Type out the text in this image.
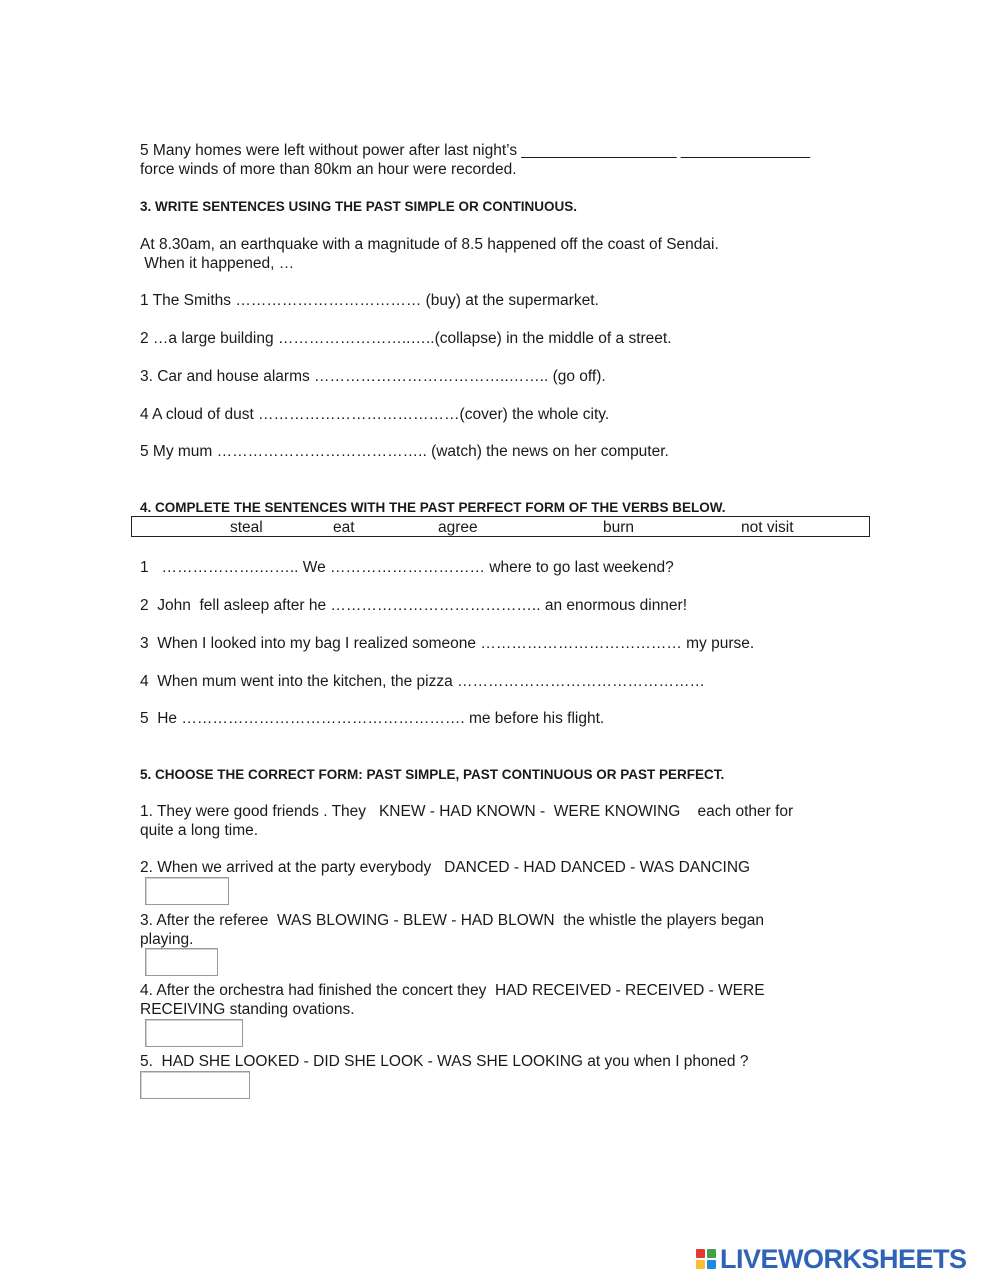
5 Many homes were left without power after last night’s __________________ _______________
force winds of more than 80km an hour were recorded.
3. WRITE SENTENCES USING THE PAST SIMPLE OR CONTINUOUS.
At 8.30am, an earthquake with a magnitude of 8.5 happened off the coast of Sendai.
When it happened, …
1 The Smiths ……………………………… (buy) at the supermarket.
2 …a large building ……………………..…..(collapse) in the middle of a street.
3. Car and house alarms ………………………………..…….. (go off).
4 A cloud of dust …………………………………(cover) the whole city.
5 My mum ………………………………….. (watch) the news on her computer.
4. COMPLETE THE SENTENCES WITH THE PAST PERFECT FORM OF THE VERBS BELOW.
steal	eat	agree	burn	not visit
1   ……………….…….. We ………………………… where to go last weekend?
2  John  fell asleep after he ………………………………….. an enormous dinner!
3  When I looked into my bag I realized someone ………………………………… my purse.
4  When mum went into the kitchen, the pizza …………………………………………
5  He ………………………………………………. me before his flight.
5. CHOOSE THE CORRECT FORM: PAST SIMPLE, PAST CONTINUOUS OR PAST PERFECT.
1. They were good friends . They   KNEW - HAD KNOWN -  WERE KNOWING    each other for
quite a long time.
2. When we arrived at the party everybody   DANCED - HAD DANCED - WAS DANCING
3. After the referee  WAS BLOWING - BLEW - HAD BLOWN  the whistle the players began
playing.
4. After the orchestra had finished the concert they  HAD RECEIVED - RECEIVED - WERE
RECEIVING standing ovations.
5.  HAD SHE LOOKED - DID SHE LOOK - WAS SHE LOOKING at you when I phoned ?
LIVEWORKSHEETS
